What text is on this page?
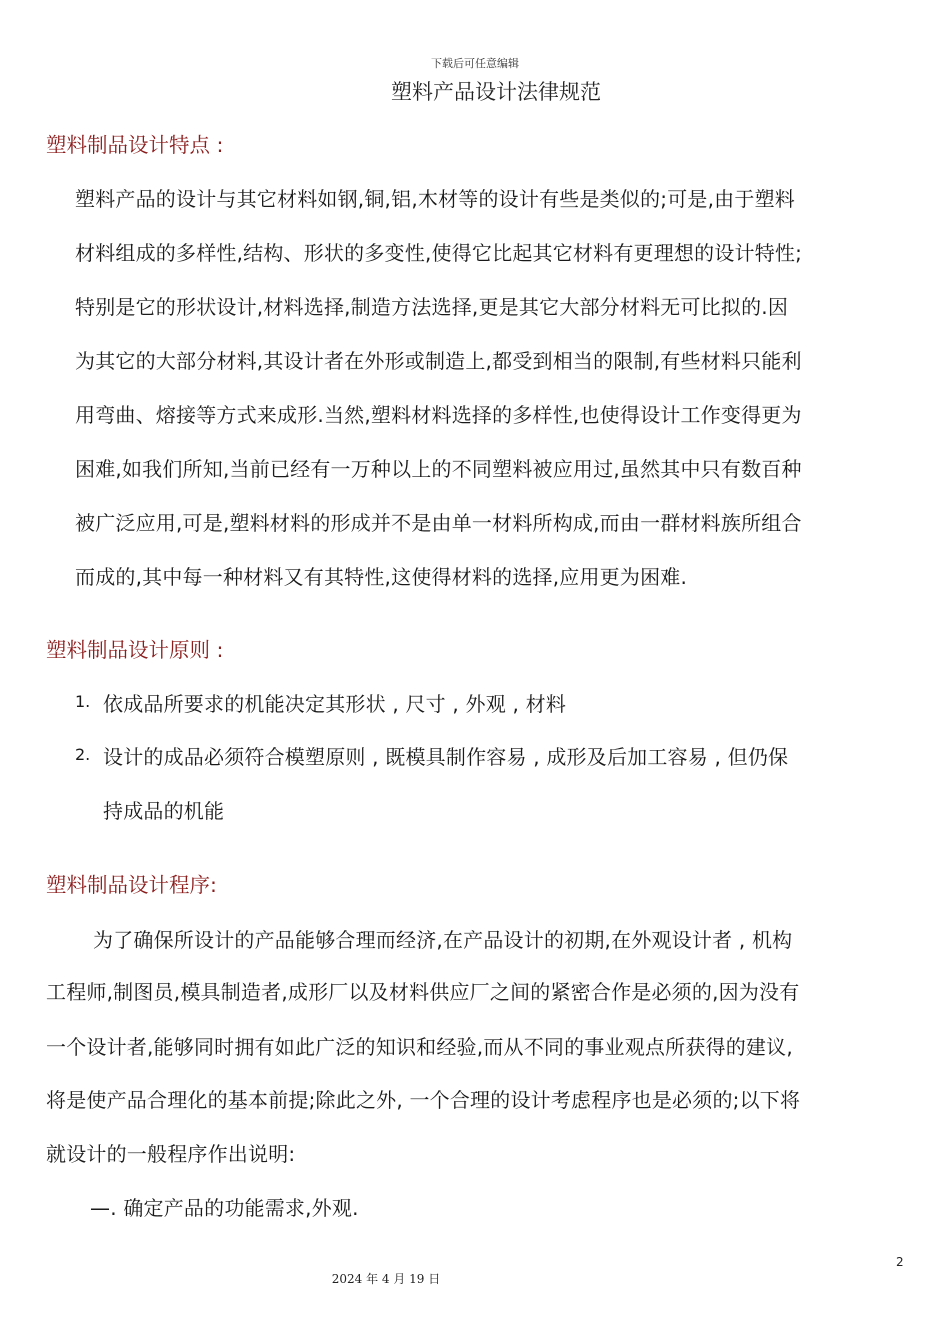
下载后可任意编辑
塑料产品设计法律规范
塑料制品设计特点 :
塑料产品的设计与其它材料如钢,铜,铝,木材等的设计有些是类似的;可是,由于塑料
材料组成的多样性,结构、形状的多变性,使得它比起其它材料有更理想的设计特性;
特别是它的形状设计,材料选择,制造方法选择,更是其它大部分材料无可比拟的.因
为其它的大部分材料,其设计者在外形或制造上,都受到相当的限制,有些材料只能利
用弯曲、熔接等方式来成形.当然,塑料材料选择的多样性,也使得设计工作变得更为
困难,如我们所知,当前已经有一万种以上的不同塑料被应用过,虽然其中只有数百种
被广泛应用,可是,塑料材料的形成并不是由单一材料所构成,而由一群材料族所组合
而成的,其中每一种材料又有其特性,这使得材料的选择,应用更为困难.
塑料制品设计原则 :
1. 依成品所要求的机能决定其形状 , 尺寸 , 外观 , 材料
2. 设计的成品必须符合模塑原则 , 既模具制作容易 , 成形及后加工容易 , 但仍保
持成品的机能
塑料制品设计程序:
为了确保所设计的产品能够合理而经济,在产品设计的初期,在外观设计者 , 机构
工程师,制图员,模具制造者,成形厂以及材料供应厂之间的紧密合作是必须的,因为没有
一个设计者,能够同时拥有如此广泛的知识和经验,而从不同的事业观点所获得的建议,
将是使产品合理化的基本前提;除此之外, 一个合理的设计考虑程序也是必须的;以下将
就设计的一般程序作出说明:
—. 确定产品的功能需求,外观.
2
2024 年 4 月 19 日
